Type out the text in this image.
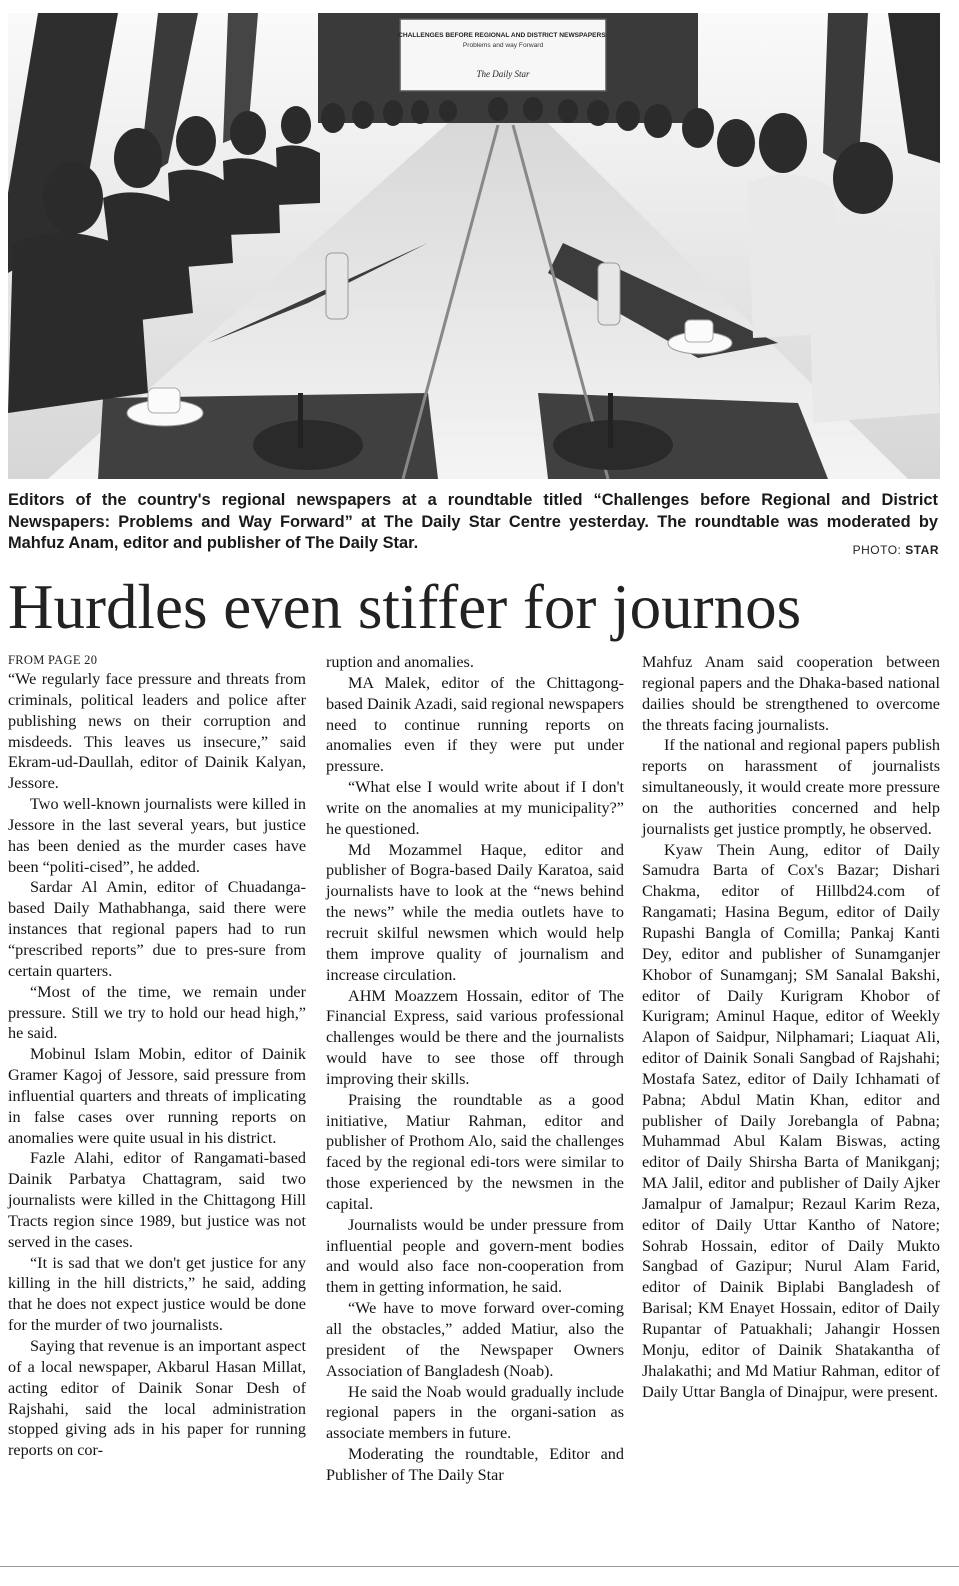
CHALLENGES BEFORE REGIONAL AND DISTRICT NEWSPAPERS:
Problems and way Forward
The Daily Star
Editors of the country's regional newspapers at a roundtable titled “Challenges before Regional and District Newspapers: Problems and Way Forward” at The Daily Star Centre yesterday. The roundtable was moderated by Mahfuz Anam, editor and publisher of The Daily Star.	PHOTO: STAR
Hurdles even stiffer for journos
FROM PAGE 20

“We regularly face pressure and threats from criminals, political leaders and police after publishing news on their corruption and misdeeds. This leaves us insecure,” said Ekram-ud-Daullah, editor of Dainik Kalyan, Jessore.

Two well-known journalists were killed in Jessore in the last several years, but justice has been denied as the murder cases have been “politi-cised”, he added.

Sardar Al Amin, editor of Chuadanga-based Daily Mathabhanga, said there were instances that regional papers had to run “prescribed reports” due to pres-sure from certain quarters.

“Most of the time, we remain under pressure. Still we try to hold our head high,” he said.

Mobinul Islam Mobin, editor of Dainik Gramer Kagoj of Jessore, said pressure from influential quarters and threats of implicating in false cases over running reports on anomalies were quite usual in his district.

Fazle Alahi, editor of Rangamati-based Dainik Parbatya Chattagram, said two journalists were killed in the Chittagong Hill Tracts region since 1989, but justice was not served in the cases.

“It is sad that we don't get justice for any killing in the hill districts,” he said, adding that he does not expect justice would be done for the murder of two journalists.

Saying that revenue is an important aspect of a local newspaper, Akbarul Hasan Millat, acting editor of Dainik Sonar Desh of Rajshahi, said the local administration stopped giving ads in his paper for running reports on cor-

ruption and anomalies.

MA Malek, editor of the Chittagong-based Dainik Azadi, said regional newspapers need to continue running reports on anomalies even if they were put under pressure.

“What else I would write about if I don't write on the anomalies at my municipality?” he questioned.

Md Mozammel Haque, editor and publisher of Bogra-based Daily Karatoa, said journalists have to look at the “news behind the news” while the media outlets have to recruit skilful newsmen which would help them improve quality of journalism and increase circulation.

AHM Moazzem Hossain, editor of The Financial Express, said various professional challenges would be there and the journalists would have to see those off through improving their skills.

Praising the roundtable as a good initiative, Matiur Rahman, editor and publisher of Prothom Alo, said the challenges faced by the regional edi-tors were similar to those experienced by the newsmen in the capital.

Journalists would be under pressure from influential people and govern-ment bodies and would also face non-cooperation from them in getting information, he said.

“We have to move forward over-coming all the obstacles,” added Matiur, also the president of the Newspaper Owners Association of Bangladesh (Noab).

He said the Noab would gradually include regional papers in the organi-sation as associate members in future.

Moderating the roundtable, Editor and Publisher of The Daily Star

Mahfuz Anam said cooperation between regional papers and the Dhaka-based national dailies should be strengthened to overcome the threats facing journalists.

If the national and regional papers publish reports on harassment of journalists simultaneously, it would create more pressure on the authorities concerned and help journalists get justice promptly, he observed.

Kyaw Thein Aung, editor of Daily Samudra Barta of Cox's Bazar; Dishari Chakma, editor of Hillbd24.com of Rangamati; Hasina Begum, editor of Daily Rupashi Bangla of Comilla; Pankaj Kanti Dey, editor and publisher of Sunamganjer Khobor of Sunamganj; SM Sanalal Bakshi, editor of Daily Kurigram Khobor of Kurigram; Aminul Haque, editor of Weekly Alapon of Saidpur, Nilphamari; Liaquat Ali, editor of Dainik Sonali Sangbad of Rajshahi; Mostafa Satez, editor of Daily Ichhamati of Pabna; Abdul Matin Khan, editor and publisher of Daily Jorebangla of Pabna; Muhammad Abul Kalam Biswas, acting editor of Daily Shirsha Barta of Manikganj; MA Jalil, editor and publisher of Daily Ajker Jamalpur of Jamalpur; Rezaul Karim Reza, editor of Daily Uttar Kantho of Natore; Sohrab Hossain, editor of Daily Mukto Sangbad of Gazipur; Nurul Alam Farid, editor of Dainik Biplabi Bangladesh of Barisal; KM Enayet Hossain, editor of Daily Rupantar of Patuakhali; Jahangir Hossen Monju, editor of Dainik Shatakantha of Jhalakathi; and Md Matiur Rahman, editor of Daily Uttar Bangla of Dinajpur, were present.
